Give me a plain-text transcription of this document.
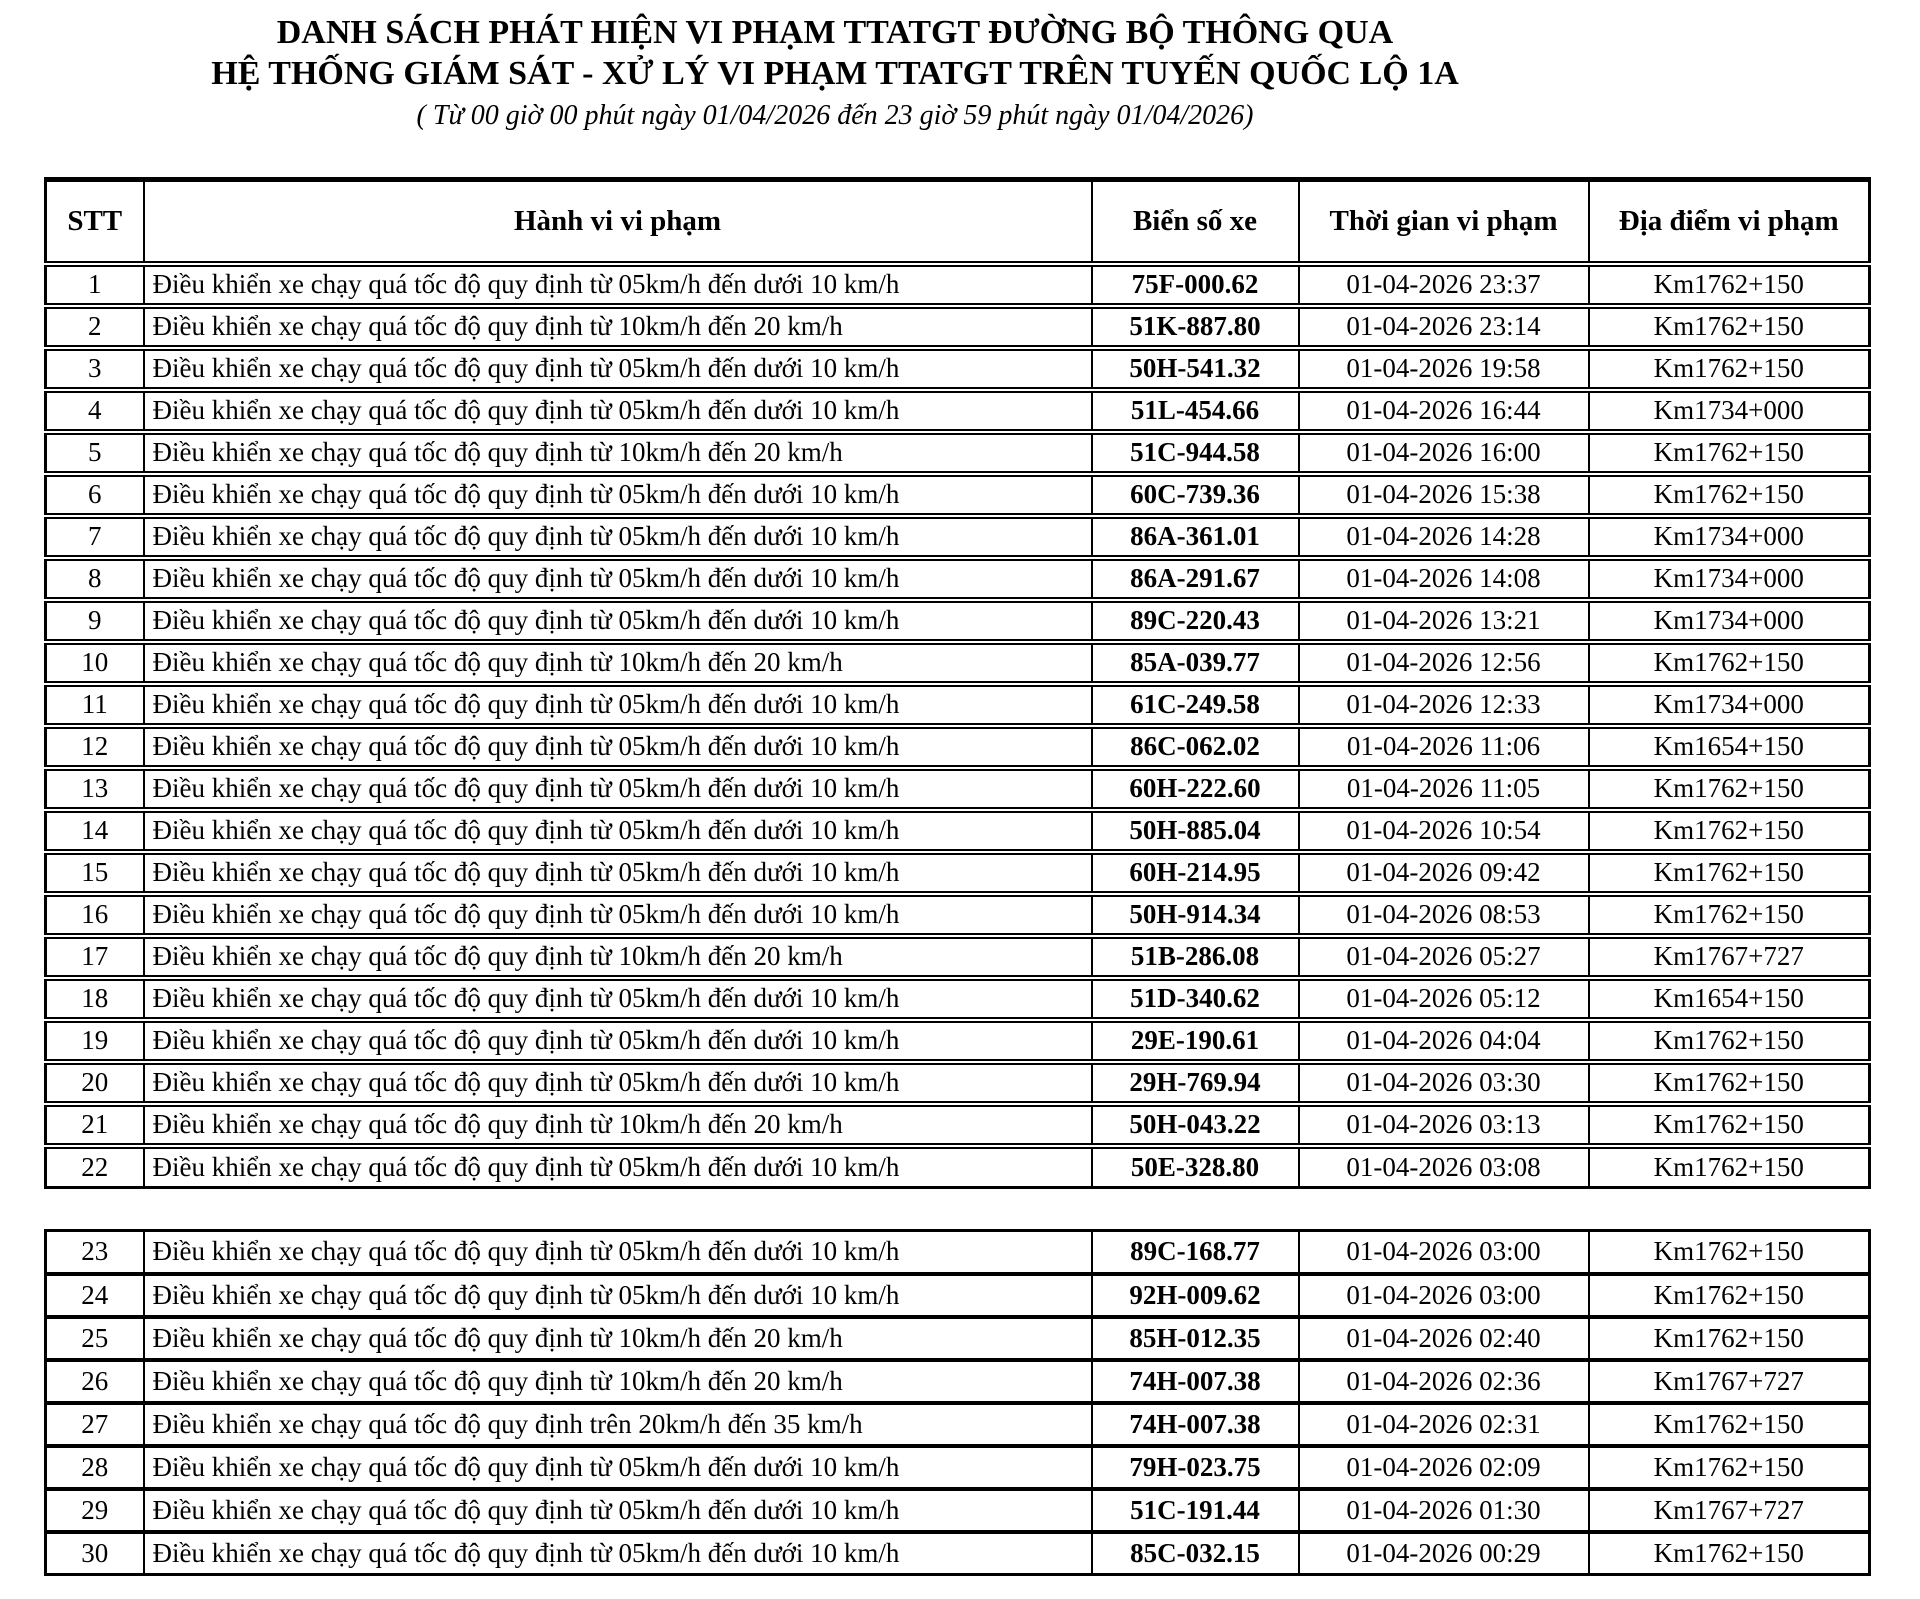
DANH SÁCH PHÁT HIỆN VI PHẠM TTATGT ĐƯỜNG BỘ THÔNG QUA
HỆ THỐNG GIÁM SÁT - XỬ LÝ VI PHẠM TTATGT TRÊN TUYẾN QUỐC LỘ 1A
( Từ 00 giờ 00 phút ngày 01/04/2026 đến 23 giờ 59 phút ngày 01/04/2026)
STT	Hành vi vi phạm	Biển số xe	Thời gian vi phạm	Địa điểm vi phạm
1	Điều khiển xe chạy quá tốc độ quy định từ 05km/h đến dưới 10 km/h	75F-000.62	01-04-2026 23:37	Km1762+150
2	Điều khiển xe chạy quá tốc độ quy định từ 10km/h đến 20 km/h	51K-887.80	01-04-2026 23:14	Km1762+150
3	Điều khiển xe chạy quá tốc độ quy định từ 05km/h đến dưới 10 km/h	50H-541.32	01-04-2026 19:58	Km1762+150
4	Điều khiển xe chạy quá tốc độ quy định từ 05km/h đến dưới 10 km/h	51L-454.66	01-04-2026 16:44	Km1734+000
5	Điều khiển xe chạy quá tốc độ quy định từ 10km/h đến 20 km/h	51C-944.58	01-04-2026 16:00	Km1762+150
6	Điều khiển xe chạy quá tốc độ quy định từ 05km/h đến dưới 10 km/h	60C-739.36	01-04-2026 15:38	Km1762+150
7	Điều khiển xe chạy quá tốc độ quy định từ 05km/h đến dưới 10 km/h	86A-361.01	01-04-2026 14:28	Km1734+000
8	Điều khiển xe chạy quá tốc độ quy định từ 05km/h đến dưới 10 km/h	86A-291.67	01-04-2026 14:08	Km1734+000
9	Điều khiển xe chạy quá tốc độ quy định từ 05km/h đến dưới 10 km/h	89C-220.43	01-04-2026 13:21	Km1734+000
10	Điều khiển xe chạy quá tốc độ quy định từ 10km/h đến 20 km/h	85A-039.77	01-04-2026 12:56	Km1762+150
11	Điều khiển xe chạy quá tốc độ quy định từ 05km/h đến dưới 10 km/h	61C-249.58	01-04-2026 12:33	Km1734+000
12	Điều khiển xe chạy quá tốc độ quy định từ 05km/h đến dưới 10 km/h	86C-062.02	01-04-2026 11:06	Km1654+150
13	Điều khiển xe chạy quá tốc độ quy định từ 05km/h đến dưới 10 km/h	60H-222.60	01-04-2026 11:05	Km1762+150
14	Điều khiển xe chạy quá tốc độ quy định từ 05km/h đến dưới 10 km/h	50H-885.04	01-04-2026 10:54	Km1762+150
15	Điều khiển xe chạy quá tốc độ quy định từ 05km/h đến dưới 10 km/h	60H-214.95	01-04-2026 09:42	Km1762+150
16	Điều khiển xe chạy quá tốc độ quy định từ 05km/h đến dưới 10 km/h	50H-914.34	01-04-2026 08:53	Km1762+150
17	Điều khiển xe chạy quá tốc độ quy định từ 10km/h đến 20 km/h	51B-286.08	01-04-2026 05:27	Km1767+727
18	Điều khiển xe chạy quá tốc độ quy định từ 05km/h đến dưới 10 km/h	51D-340.62	01-04-2026 05:12	Km1654+150
19	Điều khiển xe chạy quá tốc độ quy định từ 05km/h đến dưới 10 km/h	29E-190.61	01-04-2026 04:04	Km1762+150
20	Điều khiển xe chạy quá tốc độ quy định từ 05km/h đến dưới 10 km/h	29H-769.94	01-04-2026 03:30	Km1762+150
21	Điều khiển xe chạy quá tốc độ quy định từ 10km/h đến 20 km/h	50H-043.22	01-04-2026 03:13	Km1762+150
22	Điều khiển xe chạy quá tốc độ quy định từ 05km/h đến dưới 10 km/h	50E-328.80	01-04-2026 03:08	Km1762+150
23	Điều khiển xe chạy quá tốc độ quy định từ 05km/h đến dưới 10 km/h	89C-168.77	01-04-2026 03:00	Km1762+150
24	Điều khiển xe chạy quá tốc độ quy định từ 05km/h đến dưới 10 km/h	92H-009.62	01-04-2026 03:00	Km1762+150
25	Điều khiển xe chạy quá tốc độ quy định từ 10km/h đến 20 km/h	85H-012.35	01-04-2026 02:40	Km1762+150
26	Điều khiển xe chạy quá tốc độ quy định từ 10km/h đến 20 km/h	74H-007.38	01-04-2026 02:36	Km1767+727
27	Điều khiển xe chạy quá tốc độ quy định trên 20km/h đến 35 km/h	74H-007.38	01-04-2026 02:31	Km1762+150
28	Điều khiển xe chạy quá tốc độ quy định từ 05km/h đến dưới 10 km/h	79H-023.75	01-04-2026 02:09	Km1762+150
29	Điều khiển xe chạy quá tốc độ quy định từ 05km/h đến dưới 10 km/h	51C-191.44	01-04-2026 01:30	Km1767+727
30	Điều khiển xe chạy quá tốc độ quy định từ 05km/h đến dưới 10 km/h	85C-032.15	01-04-2026 00:29	Km1762+150
